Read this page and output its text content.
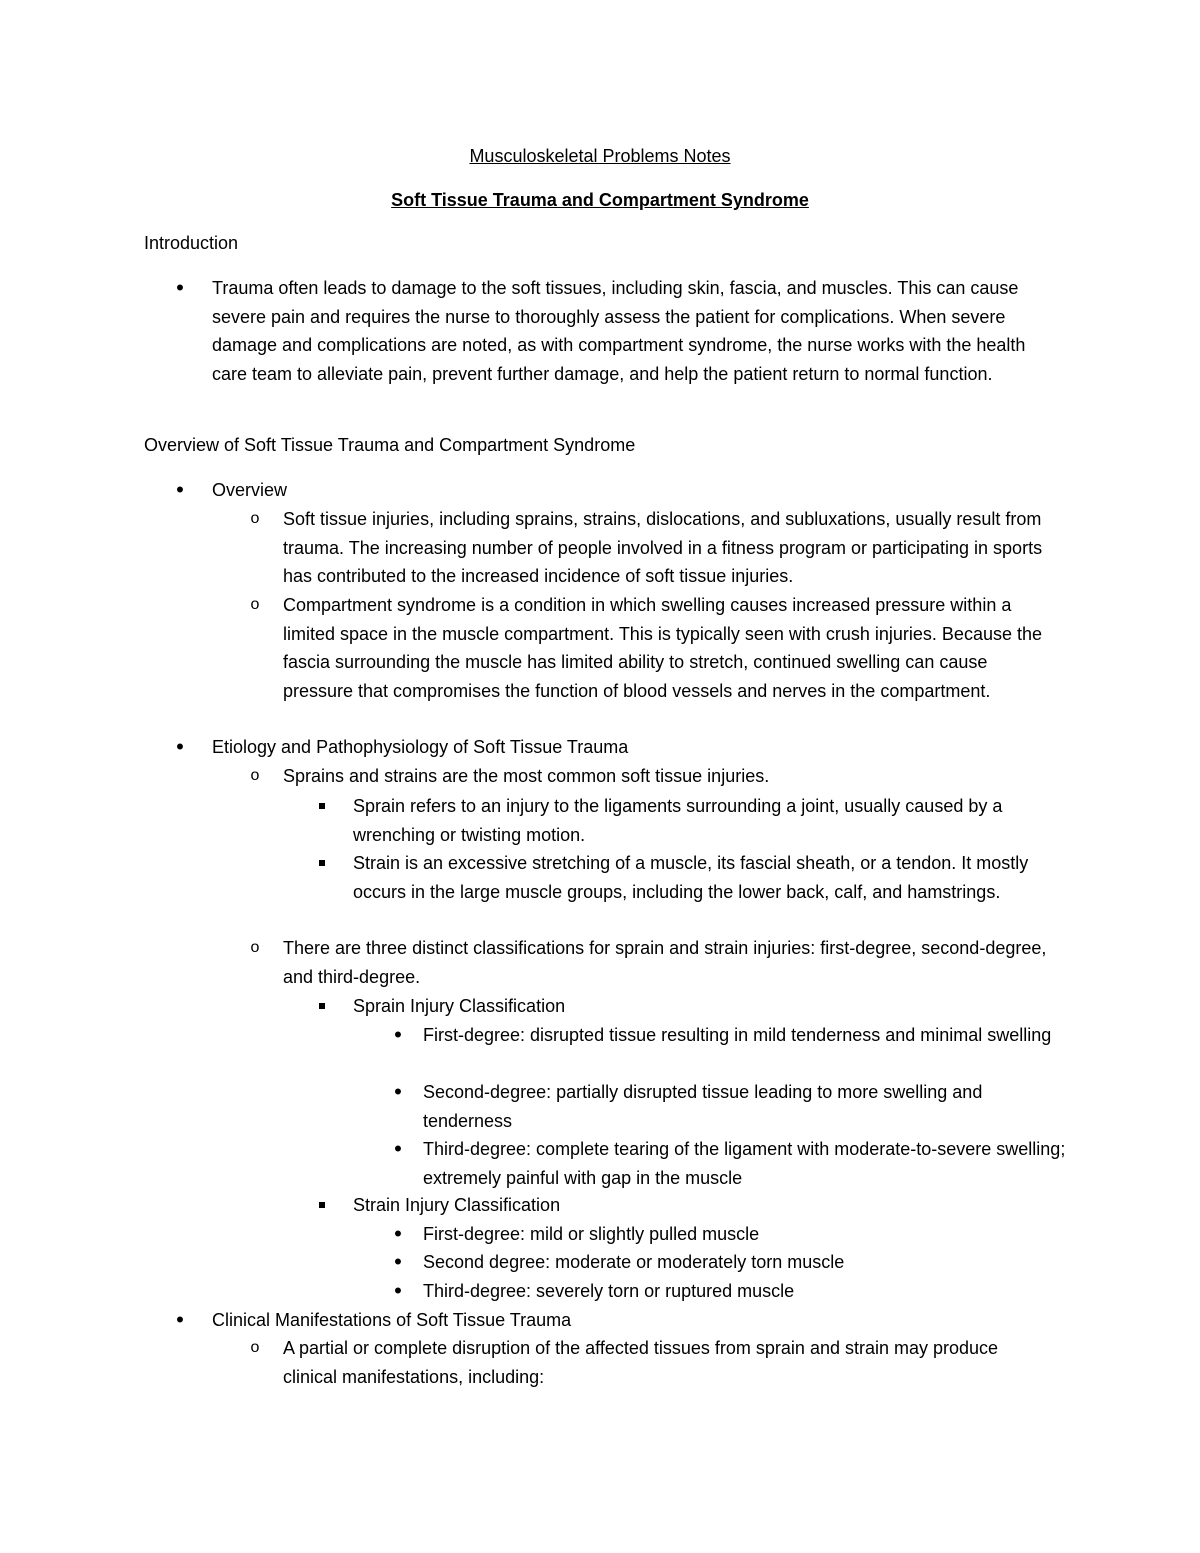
Musculoskeletal Problems Notes
Soft Tissue Trauma and Compartment Syndrome
Introduction
•
Trauma often leads to damage to the soft tissues, including skin, fascia, and muscles. This can cause severe pain and requires the nurse to thoroughly assess the patient for complications. When severe damage and complications are noted, as with compartment syndrome, the nurse works with the health care team to alleviate pain, prevent further damage, and help the patient return to normal function.
Overview of Soft Tissue Trauma and Compartment Syndrome
•
Overview
o	Soft tissue injuries, including sprains, strains, dislocations, and subluxations, usually result from trauma. The increasing number of people involved in a fitness program or participating in sports has contributed to the increased incidence of soft tissue injuries.
o	Compartment syndrome is a condition in which swelling causes increased pressure within a limited space in the muscle compartment. This is typically seen with crush injuries. Because the fascia surrounding the muscle has limited ability to stretch, continued swelling can cause pressure that compromises the function of blood vessels and nerves in the compartment.
•
Etiology and Pathophysiology of Soft Tissue Trauma
o	Sprains and strains are the most common soft tissue injuries.
Sprain refers to an injury to the ligaments surrounding a joint, usually caused by a wrenching or twisting motion.
Strain is an excessive stretching of a muscle, its fascial sheath, or a tendon. It mostly occurs in the large muscle groups, including the lower back, calf, and hamstrings.
o	There are three distinct classifications for sprain and strain injuries: first-degree, second-degree, and third-degree.
Sprain Injury Classification
•
First-degree: disrupted tissue resulting in mild tenderness and minimal swelling
•
Second-degree: partially disrupted tissue leading to more swelling and tenderness
•
Third-degree: complete tearing of the ligament with moderate-to-severe swelling; extremely painful with gap in the muscle
Strain Injury Classification
•
First-degree: mild or slightly pulled muscle
•
Second degree: moderate or moderately torn muscle
•
Third-degree: severely torn or ruptured muscle
•
Clinical Manifestations of Soft Tissue Trauma
o	A partial or complete disruption of the affected tissues from sprain and strain may produce clinical manifestations, including:
